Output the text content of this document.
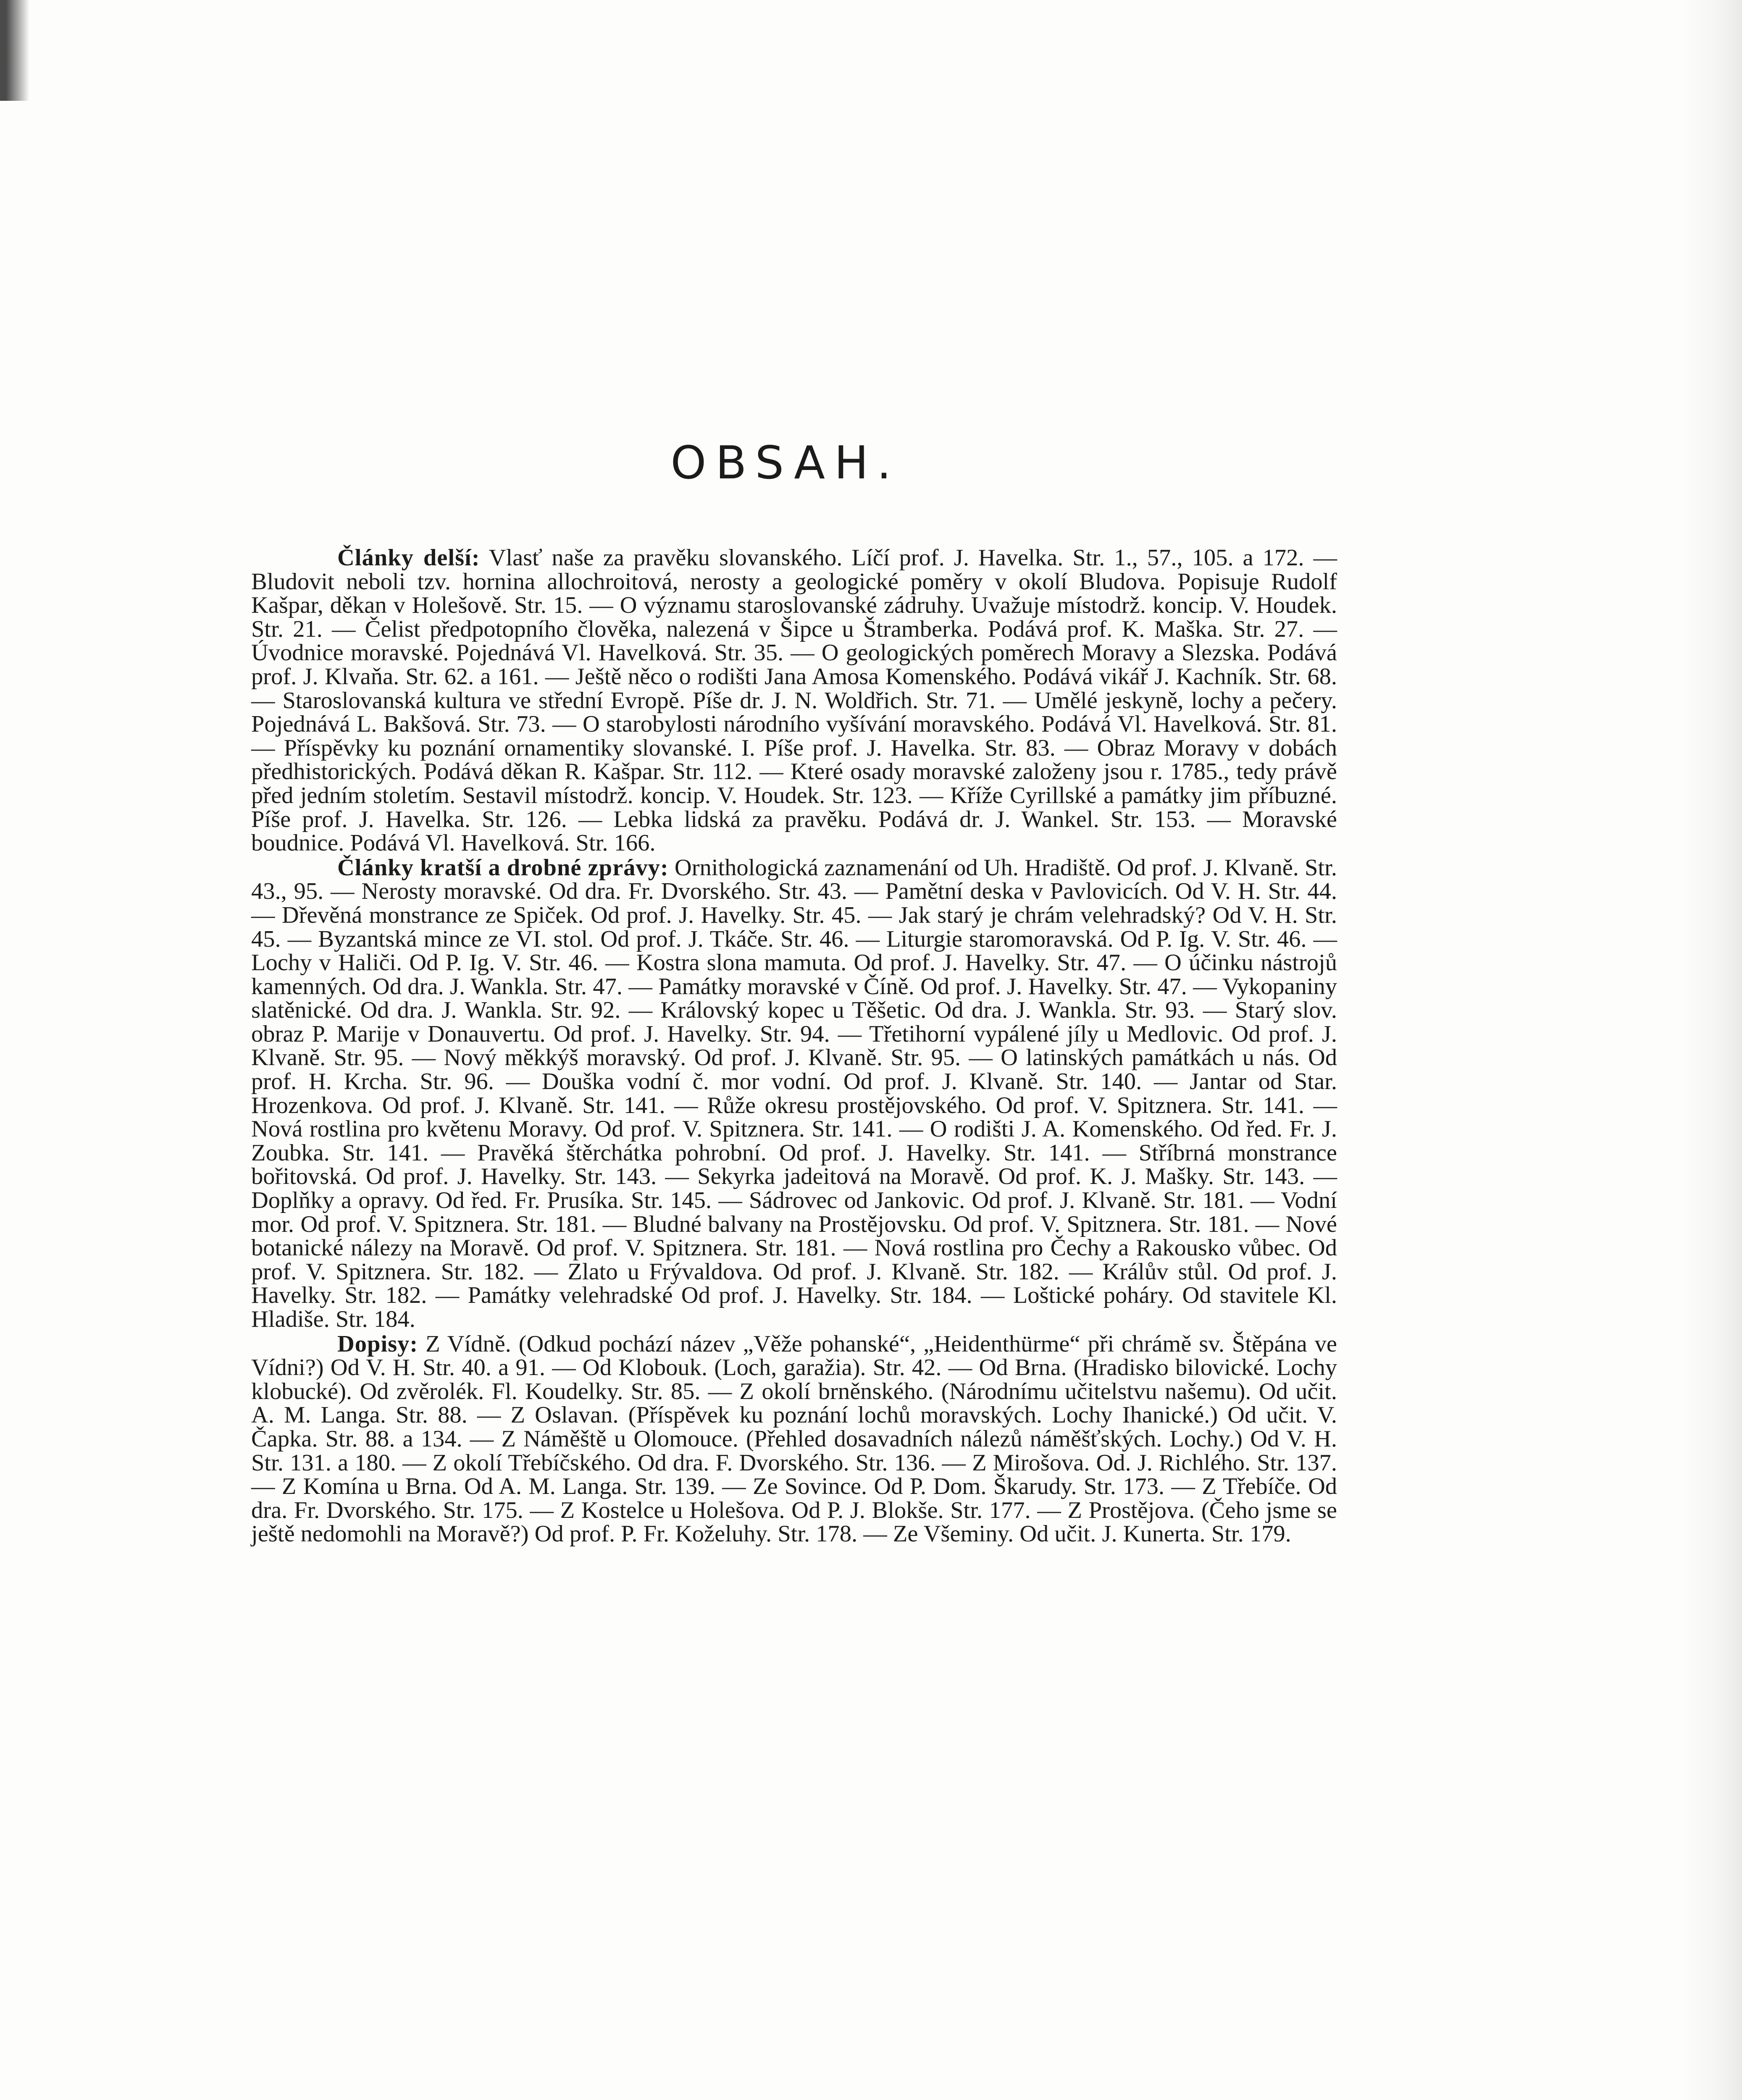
OBSAH.

Články delší: Vlasť naše za pravěku slovanského. Líčí prof. J. Havelka. Str. 1., 57., 105. a 172. — Bludovit neboli tzv. hornina allochroitová, nerosty a geologické poměry v okolí Bludova. Popisuje Rudolf Kašpar, děkan v Holešově. Str. 15. — O významu staroslovanské zádruhy. Uvažuje místodrž. koncip. V. Houdek. Str. 21. — Čelist předpotopního člověka, nalezená v Šipce u Štramberka. Podává prof. K. Maška. Str. 27. — Úvodnice moravské. Pojednává Vl. Havelková. Str. 35. — O geologických poměrech Moravy a Slezska. Podává prof. J. Klvaňa. Str. 62. a 161. — Ještě něco o rodišti Jana Amosa Komenského. Podává vikář J. Kachník. Str. 68. — Staroslovanská kultura ve střední Evropě. Píše dr. J. N. Woldřich. Str. 71. — Umělé jeskyně, lochy a pečery. Pojednává L. Bakšová. Str. 73. — O starobylosti národního vyšívání moravského. Podává Vl. Havelková. Str. 81. — Příspěvky ku poznání ornamentiky slovanské. I. Píše prof. J. Havelka. Str. 83. — Obraz Moravy v dobách předhistorických. Podává děkan R. Kašpar. Str. 112. — Které osady moravské založeny jsou r. 1785., tedy právě před jedním stoletím. Sestavil místodrž. koncip. V. Houdek. Str. 123. — Kříže Cyrillské a památky jim příbuzné. Píše prof. J. Havelka. Str. 126. — Lebka lidská za pravěku. Podává dr. J. Wankel. Str. 153. — Moravské boudnice. Podává Vl. Havelková. Str. 166.

Články kratší a drobné zprávy: Ornithologická zaznamenání od Uh. Hradiště. Od prof. J. Klvaně. Str. 43., 95. — Nerosty moravské. Od dra. Fr. Dvorského. Str. 43. — Pamětní deska v Pavlovicích. Od V. H. Str. 44. — Dřevěná monstrance ze Spiček. Od prof. J. Havelky. Str. 45. — Jak starý je chrám velehradský? Od V. H. Str. 45. — Byzantská mince ze VI. stol. Od prof. J. Tkáče. Str. 46. — Liturgie staromoravská. Od P. Ig. V. Str. 46. — Lochy v Haliči. Od P. Ig. V. Str. 46. — Kostra slona mamuta. Od prof. J. Havelky. Str. 47. — O účinku nástrojů kamenných. Od dra. J. Wankla. Str. 47. — Památky moravské v Číně. Od prof. J. Havelky. Str. 47. — Vykopaniny slatěnické. Od dra. J. Wankla. Str. 92. — Královský kopec u Těšetic. Od dra. J. Wankla. Str. 93. — Starý slov. obraz P. Marije v Donauvertu. Od prof. J. Havelky. Str. 94. — Třetihorní vypálené jíly u Medlovic. Od prof. J. Klvaně. Str. 95. — Nový měkkýš moravský. Od prof. J. Klvaně. Str. 95. — O latinských památkách u nás. Od prof. H. Krcha. Str. 96. — Douška vodní č. mor vodní. Od prof. J. Klvaně. Str. 140. — Jantar od Star. Hrozenkova. Od prof. J. Klvaně. Str. 141. — Růže okresu prostějovského. Od prof. V. Spitznera. Str. 141. — Nová rostlina pro květenu Moravy. Od prof. V. Spitznera. Str. 141. — O rodišti J. A. Komenského. Od řed. Fr. J. Zoubka. Str. 141. — Pravěká štěrchátka pohrobní. Od prof. J. Havelky. Str. 141. — Stříbrná monstrance bořitovská. Od prof. J. Havelky. Str. 143. — Sekyrka jadeitová na Moravě. Od prof. K. J. Mašky. Str. 143. — Doplňky a opravy. Od řed. Fr. Prusíka. Str. 145. — Sádrovec od Jankovic. Od prof. J. Klvaně. Str. 181. — Vodní mor. Od prof. V. Spitznera. Str. 181. — Bludné balvany na Prostějovsku. Od prof. V. Spitznera. Str. 181. — Nové botanické nálezy na Moravě. Od prof. V. Spitznera. Str. 181. — Nová rostlina pro Čechy a Rakousko vůbec. Od prof. V. Spitznera. Str. 182. — Zlato u Frývaldova. Od prof. J. Klvaně. Str. 182. — Králův stůl. Od prof. J. Havelky. Str. 182. — Památky velehradské Od prof. J. Havelky. Str. 184. — Loštické poháry. Od stavitele Kl. Hladiše. Str. 184.

Dopisy: Z Vídně. (Odkud pochází název „Věže pohanské“, „Heidenthürme“ při chrámě sv. Štěpána ve Vídni?) Od V. H. Str. 40. a 91. — Od Klobouk. (Loch, garažia). Str. 42. — Od Brna. (Hradisko bilovické. Lochy klobucké). Od zvěrolék. Fl. Koudelky. Str. 85. — Z okolí brněnského. (Národnímu učitelstvu našemu). Od učit. A. M. Langa. Str. 88. — Z Oslavan. (Příspěvek ku poznání lochů moravských. Lochy Ihanické.) Od učit. V. Čapka. Str. 88. a 134. — Z Náměště u Olomouce. (Přehled dosavadních nálezů náměšťských. Lochy.) Od V. H. Str. 131. a 180. — Z okolí Třebíčského. Od dra. F. Dvorského. Str. 136. — Z Mirošova. Od. J. Richlého. Str. 137. — Z Komína u Brna. Od A. M. Langa. Str. 139. — Ze Sovince. Od P. Dom. Škarudy. Str. 173. — Z Třebíče. Od dra. Fr. Dvorského. Str. 175. — Z Kostelce u Holešova. Od P. J. Blokše. Str. 177. — Z Prostějova. (Čeho jsme se ještě nedomohli na Moravě?) Od prof. P. Fr. Koželuhy. Str. 178. — Ze Všeminy. Od učit. J. Kunerta. Str. 179.
